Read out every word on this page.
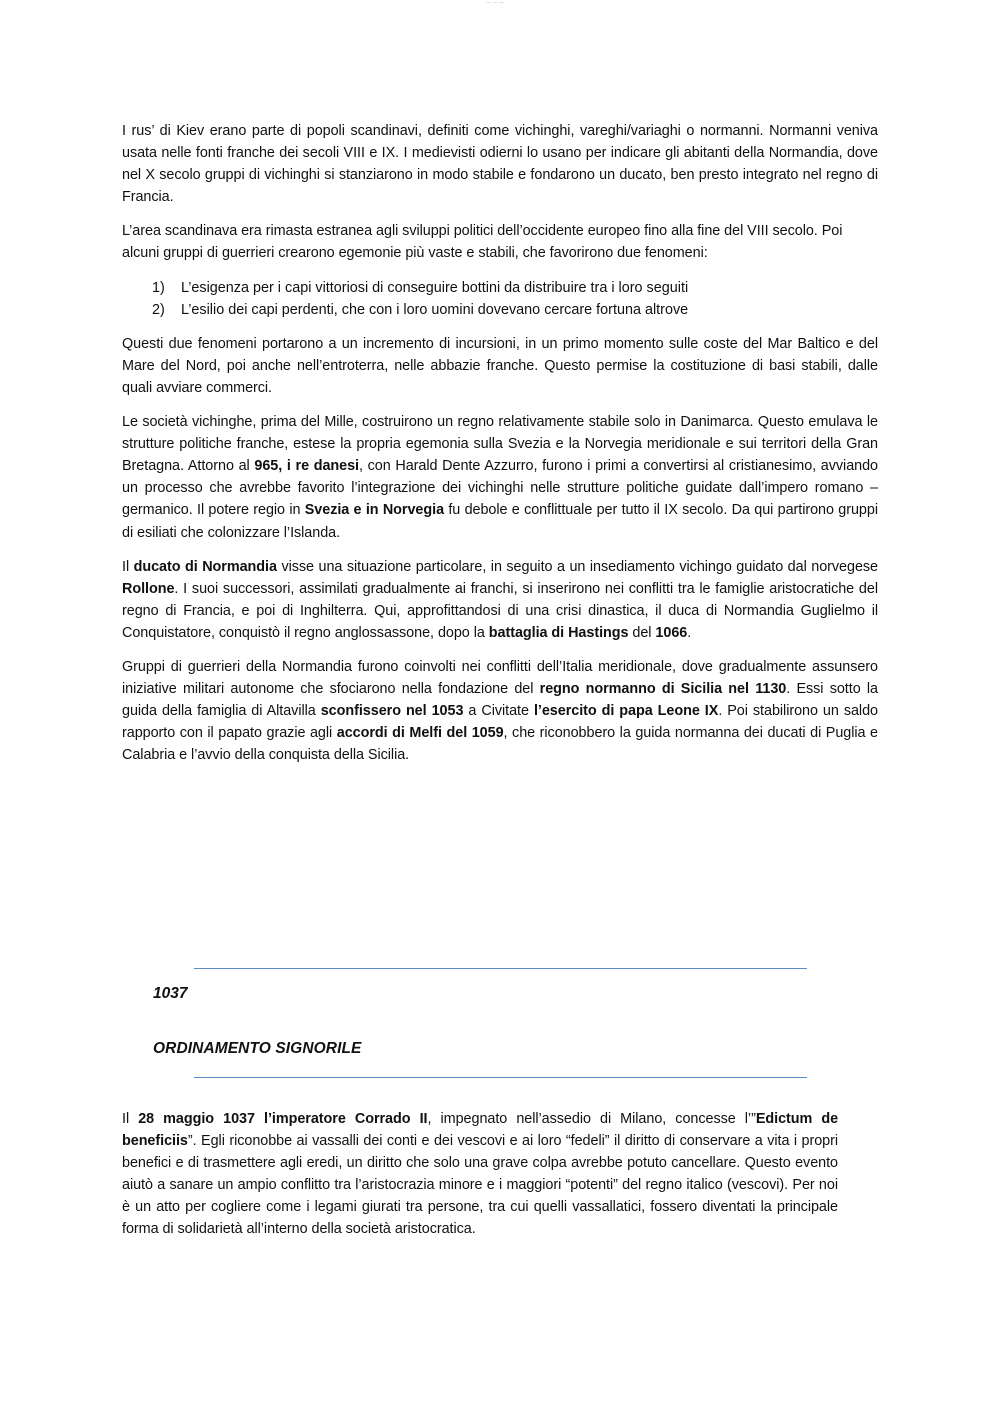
— — —

I rus’ di Kiev erano parte di popoli scandinavi, definiti come vichinghi, vareghi/variaghi o normanni. Normanni veniva usata nelle fonti franche dei secoli VIII e IX. I medievisti odierni lo usano per indicare gli abitanti della Normandia, dove nel X secolo gruppi di vichinghi si stanziarono in modo stabile e fondarono un ducato, ben presto integrato nel regno di Francia.

L’area scandinava era rimasta estranea agli sviluppi politici dell’occidente europeo fino alla fine del VIII secolo. Poi alcuni gruppi di guerrieri crearono egemonie più vaste e stabili, che favorirono due fenomeni:

1)	L’esigenza per i capi vittoriosi di conseguire bottini da distribuire tra i loro seguiti
2)	L’esilio dei capi perdenti, che con i loro uomini dovevano cercare fortuna altrove

Questi due fenomeni portarono a un incremento di incursioni, in un primo momento sulle coste del Mar Baltico e del Mare del Nord, poi anche nell’entroterra, nelle abbazie franche. Questo permise la costituzione di basi stabili, dalle quali avviare commerci.

Le società vichinghe, prima del Mille, costruirono un regno relativamente stabile solo in Danimarca. Questo emulava le strutture politiche franche, estese la propria egemonia sulla Svezia e la Norvegia meridionale e sui territori della Gran Bretagna. Attorno al 965, i re danesi, con Harald Dente Azzurro, furono i primi a convertirsi al cristianesimo, avviando un processo che avrebbe favorito l’integrazione dei vichinghi nelle strutture politiche guidate dall’impero romano – germanico. Il potere regio in Svezia e in Norvegia fu debole e conflittuale per tutto il IX secolo. Da qui partirono gruppi di esiliati che colonizzare l’Islanda.

Il ducato di Normandia visse una situazione particolare, in seguito a un insediamento vichingo guidato dal norvegese Rollone. I suoi successori, assimilati gradualmente ai franchi, si inserirono nei conflitti tra le famiglie aristocratiche del regno di Francia, e poi di Inghilterra. Qui, approfittandosi di una crisi dinastica, il duca di Normandia Guglielmo il Conquistatore, conquistò il regno anglossassone, dopo la battaglia di Hastings del 1066.

Gruppi di guerrieri della Normandia furono coinvolti nei conflitti dell’Italia meridionale, dove gradualmente assunsero iniziative militari autonome che sfociarono nella fondazione del regno normanno di Sicilia nel 1130. Essi sotto la guida della famiglia di Altavilla sconfissero nel 1053 a Civitate l’esercito di papa Leone IX. Poi stabilirono un saldo rapporto con il papato grazie agli accordi di Melfi del 1059, che riconobbero la guida normanna dei ducati di Puglia e Calabria e l’avvio della conquista della Sicilia.

1037
ORDINAMENTO SIGNORILE

Il 28 maggio 1037 l’imperatore Corrado II, impegnato nell’assedio di Milano, concesse l’”Edictum de beneficiis”. Egli riconobbe ai vassalli dei conti e dei vescovi e ai loro “fedeli” il diritto di conservare a vita i propri benefici e di trasmettere agli eredi, un diritto che solo una grave colpa avrebbe potuto cancellare. Questo evento aiutò a sanare un ampio conflitto tra l’aristocrazia minore e i maggiori “potenti” del regno italico (vescovi). Per noi è un atto per cogliere come i legami giurati tra persone, tra cui quelli vassallatici, fossero diventati la principale forma di solidarietà all’interno della società aristocratica.
